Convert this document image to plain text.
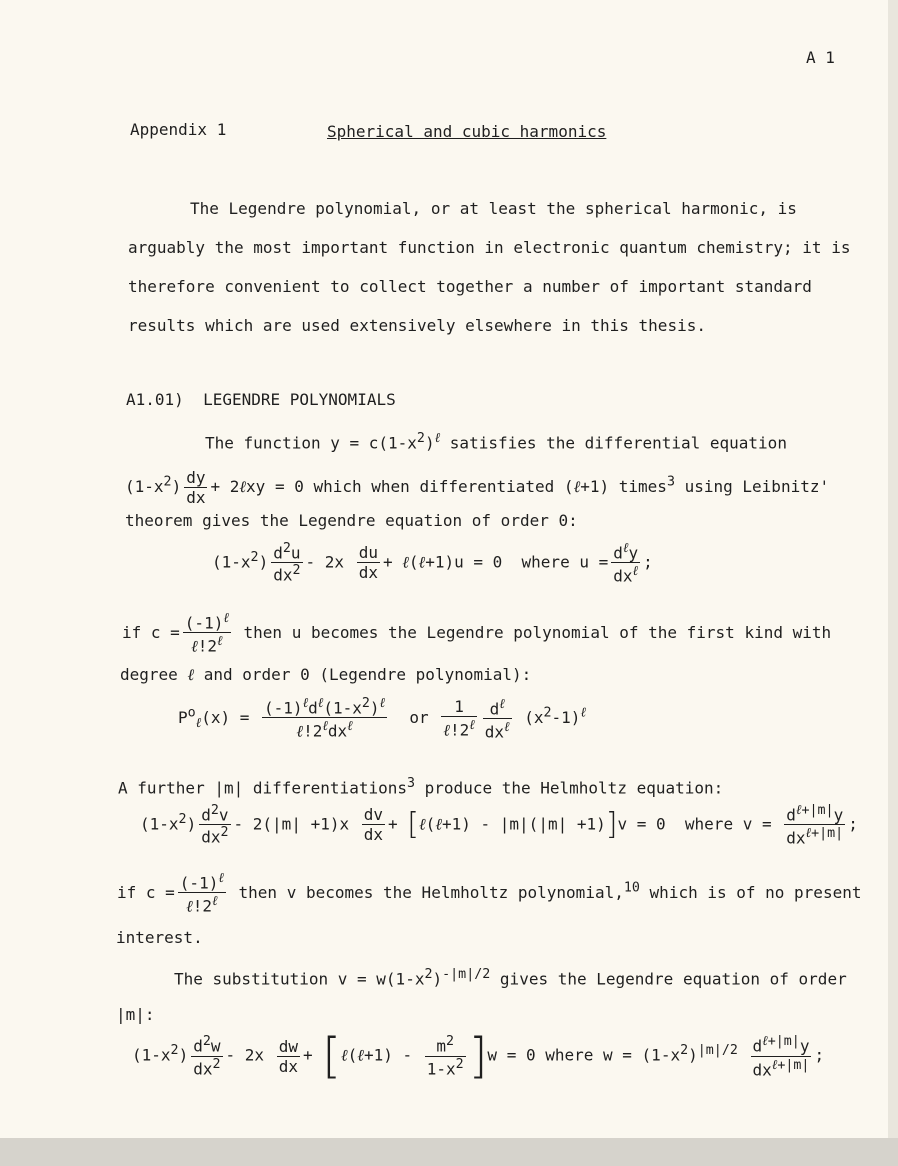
A 1
Appendix 1	Spherical and cubic harmonics
The Legendre polynomial, or at least the spherical harmonic, is
arguably the most important function in electronic quantum chemistry; it is
therefore convenient to collect together a number of important standard
results which are used extensively elsewhere in this thesis.
A1.01) LEGENDRE POLYNOMIALS
The function $y = c(1-x^2)^\ell$ satisfies the differential equation
$(1-x^2) \frac{dy}{dx}$ + 2ℓxy = 0 which when differentiated (ℓ+1) times$^3$ using Leibnitz'
theorem gives the Legendre equation of order 0:
$(1-x^2) \frac{d^2u}{dx^2} - 2x \frac{du}{dx}$ + ℓ(ℓ+1)u = 0 where $u = \frac{d^\ell y}{dx^\ell}$ ;
if $c = \frac{(-1)^\ell}{\ell!2^\ell}$ then u becomes the Legendre polynomial of the first kind with
degree ℓ and order 0 (Legendre polynomial):
$P^o_\ell(x) = \frac{(-1)^\ell d^\ell(1-x^2)^\ell}{\ell!2^\ell dx^\ell}$ or $\frac{1}{\ell!2^\ell} \frac{d^\ell}{dx^\ell} (x^2-1)^\ell$
A further |m| differentiations$^3$ produce the Helmholtz equation:
$(1-x^2) \frac{d^2v}{dx^2} - 2(|m| +1)x \frac{dv}{dx}$ + [ℓ(ℓ+1) - |m|(|m| +1)]v = 0 where $v = \frac{d^{\ell+|m|}y}{dx^{\ell+|m|}}$ ;
if $c = \frac{(-1)^\ell}{\ell!2^\ell}$ then v becomes the Helmholtz polynomial,$^{10}$ which is of no present
interest.
The substitution $v = w(1-x^2)^{-|m|/2}$ gives the Legendre equation of order
|m|:
$(1-x^2) \frac{d^2w}{dx^2} - 2x \frac{dw}{dx}$ + [ℓ(ℓ+1) - $\frac{m^2}{1-x^2} ]w = 0$ where $w = (1-x^2)^{|m|/2} \frac{d^{\ell+|m|}y}{dx^{\ell+|m|}}$ ;
